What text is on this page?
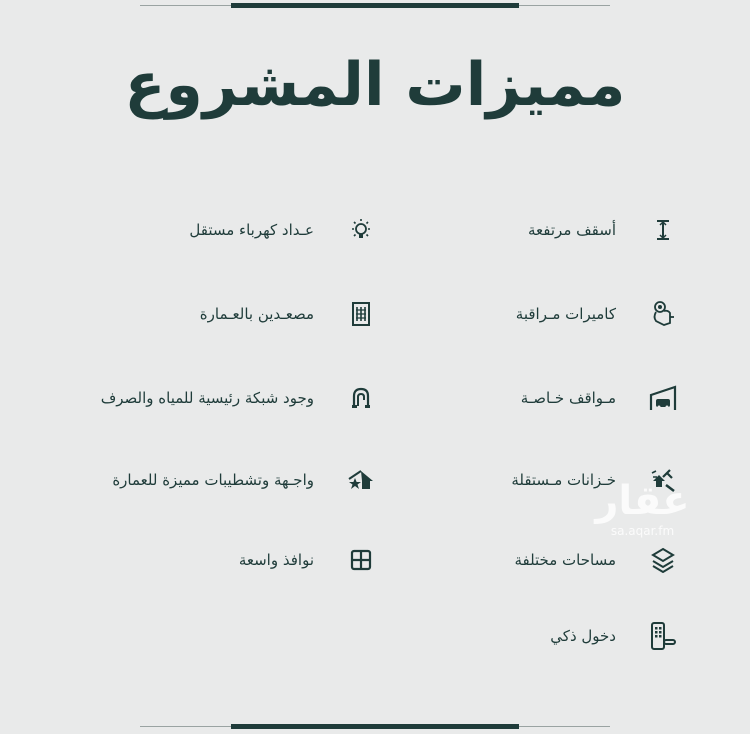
مميزات المشروع
أسقف مرتفعة
كاميرات مـراقبة
مـواقف خـاصـة
خـزانات مـستقلة
مساحات مختلفة
دخول ذكي
عـداد كهرباء مستقل
مصعـدين بالعـمارة
وجود شبكة رئيسية للمياه والصرف
واجـهة وتشطيبات مميزة للعمارة
نوافذ واسعة
عقار
sa.aqar.fm
